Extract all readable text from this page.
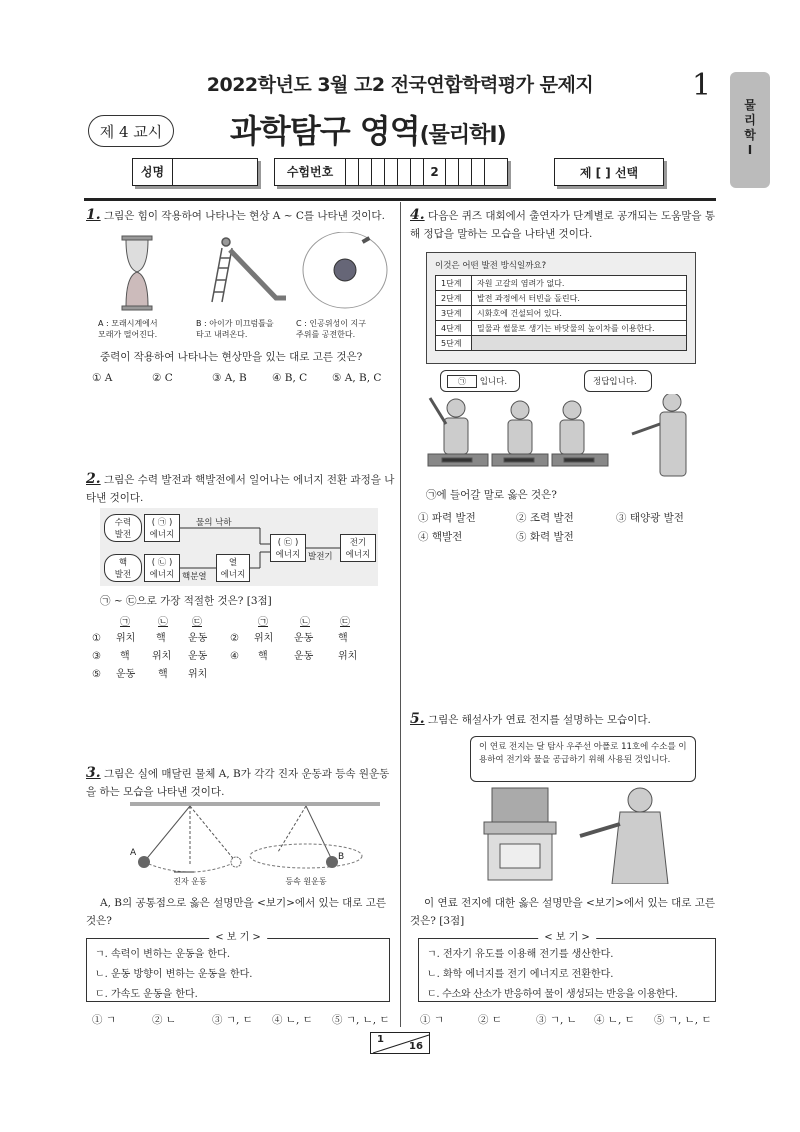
2022학년도 3월 고2 전국연합학력평가 문제지	1
물
리
학
Ⅰ
제 4 교시	과학탐구 영역(물리학Ⅰ)
성명	수험번호	2	제 [ ] 선택
1. 그림은 힘이 작용하여 나타나는 현상 A ~ C를 나타낸 것이다.
A : 모래시계에서
모래가 떨어진다.
B : 아이가 미끄럼틀을
타고 내려온다.
C : 인공위성이 지구
주위를 공전한다.
중력이 작용하여 나타나는 현상만을 있는 대로 고른 것은?
① A	② C	③ A, B	④ B, C	⑤ A, B, C
2. 그림은 수력 발전과 핵발전에서 일어나는 에너지 전환 과정을 나타낸 것이다.
수력
발전
( ㉠ )
에너지
물의 낙하
핵
발전
( ㉡ )
에너지 핵분열
열
에너지
( ㉢ )
에너지 발전기
전기
에너지
㉠ ~ ㉢으로 가장 적절한 것은? [3점]
㉠	㉡ ㉢	㉠	㉡	㉢
① 위치 핵 운동 ② 위치 운동 핵
③ 핵 위치 운동 ④ 핵	운동 위치
⑤ 운동 핵 위치
3. 그림은 실에 매달린 물체 A, B가 각각 진자 운동과 등속 원운동을 하는 모습을 나타낸 것이다.
A	B
진자 운동	등속 원운동
A, B의 공통점으로 옳은 설명만을 <보기>에서 있는 대로 고른 것은?
< 보 기 >
ㄱ. 속력이 변하는 운동을 한다.
ㄴ. 운동 방향이 변하는 운동을 한다.
ㄷ. 가속도 운동을 한다.
① ㄱ	② ㄴ	③ ㄱ, ㄷ	④ ㄴ, ㄷ	⑤ ㄱ, ㄴ, ㄷ
4. 다음은 퀴즈 대회에서 출연자가 단계별로 공개되는 도움말을 통해 정답을 말하는 모습을 나타낸 것이다.
이것은 어떤 발전 방식일까요?
1단계	자원 고갈의 염려가 없다.
2단계	발전 과정에서 터빈을 돌린다.
3단계	시화호에 건설되어 있다.
4단계	밀물과 썰물로 생기는 바닷물의 높이차를 이용한다.
5단계	
㉠ 입니다.	정답입니다.
㉠에 들어갈 말로 옳은 것은?
① 파력 발전	② 조력 발전	③ 태양광 발전
④ 핵발전	⑤ 화력 발전
5. 그림은 해설사가 연료 전지를 설명하는 모습이다.
이 연료 전지는 달 탐사 우주선 아폴로 11호에 수소를 이용하여 전기와 물을 공급하기 위해 사용된 것입니다.
이 연료 전지에 대한 옳은 설명만을 <보기>에서 있는 대로 고른 것은? [3점]
< 보 기 >
ㄱ. 전자기 유도를 이용해 전기를 생산한다.
ㄴ. 화학 에너지를 전기 에너지로 전환한다.
ㄷ. 수소와 산소가 반응하여 물이 생성되는 반응을 이용한다.
① ㄱ	② ㄷ	③ ㄱ, ㄴ	④ ㄴ, ㄷ	⑤ ㄱ, ㄴ, ㄷ
1
16
